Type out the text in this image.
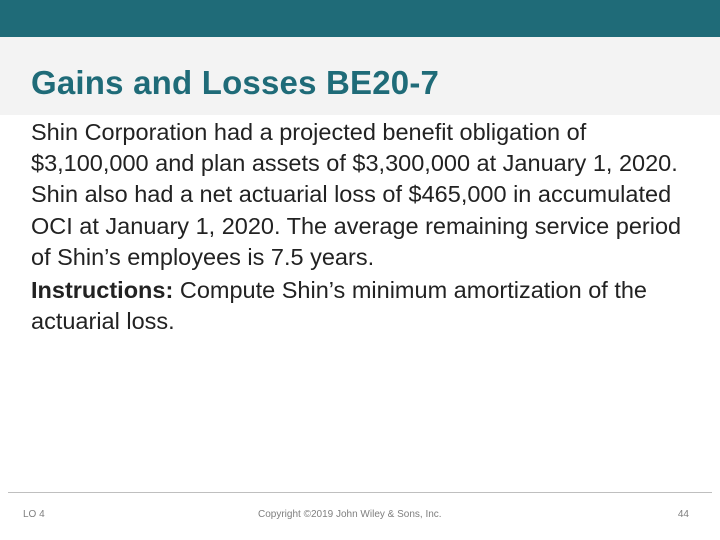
Gains and Losses BE20-7

Shin Corporation had a projected benefit obligation of $3,100,000 and plan assets of $3,300,000 at January 1, 2020. Shin also had a net actuarial loss of $465,000 in accumulated OCI at January 1, 2020. The average remaining service period of Shin’s employees is 7.5 years.

Instructions: Compute Shin’s minimum amortization of the actuarial loss.

LO 4	Copyright ©2019 John Wiley & Sons, Inc.	44
